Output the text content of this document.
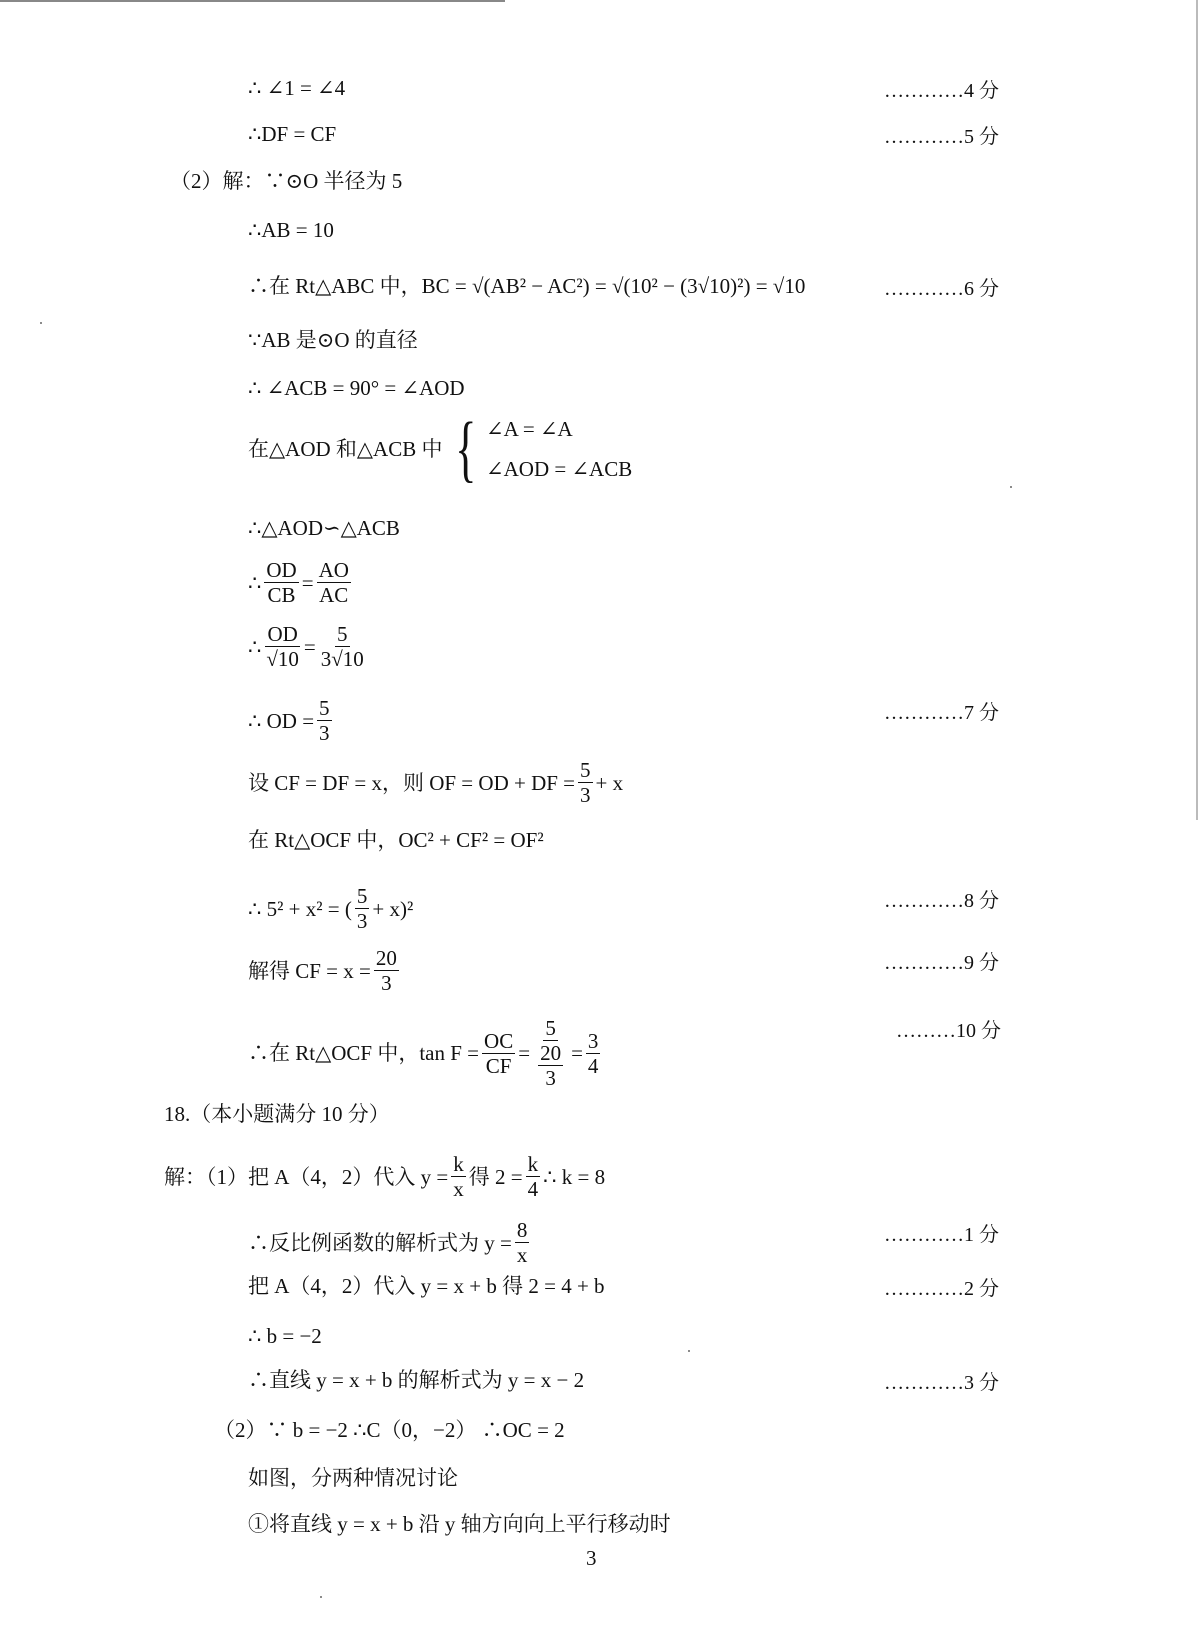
∴ ∠1 = ∠4	…………4 分
∴DF = CF	…………5 分
（2）解：∵⊙O 半径为 5
∴AB = 10
∴在 Rt△ABC 中，BC = √(AB² − AC²) = √(10² − (3√10)²) = √10	…………6 分
∵AB 是⊙O 的直径
∴ ∠ACB = 90° = ∠AOD
在△AOD 和△ACB 中 { ∠A = ∠A
∠AOD = ∠ACB
∴△AOD∽△ACB
∴ $\frac{OD}{CB} = \frac{AO}{AC}$
∴ $\frac{OD}{√10} = \frac{5}{3√10}$
∴ OD = $\frac{5}{3}$	…………7 分
设 CF = DF = x，则 OF = OD + DF = $\frac{5}{3} + x$
在 Rt△OCF 中，OC² + CF² = OF²
∴ 5² + x² = ( $\frac{5}{3} + x)^2$	…………8 分
解得 CF = $x = \frac{20}{3}$	…………9 分
∴在 Rt△OCF 中，$\tan F = \frac{OC}{CF} = \frac{5}{\frac{20}{3}} = \frac{3}{4}$	………10 分
18.（本小题满分 10 分）
解：（1）把 A（4，2）代入 $y = \frac{k}{x}$ 得 $2 = \frac{k}{4}$ ∴ k = 8
∴反比例函数的解析式为 $y = \frac{8}{x}$	…………1 分
把 A（4，2）代入 y = x + b 得 2 = 4 + b	…………2 分
∴ b = −2
∴直线 y = x + b 的解析式为 y = x − 2	…………3 分
（2）∵ b = −2 ∴C（0，−2） ∴OC = 2
如图，分两种情况讨论
①将直线 y = x + b 沿 y 轴方向向上平行移动时
3
